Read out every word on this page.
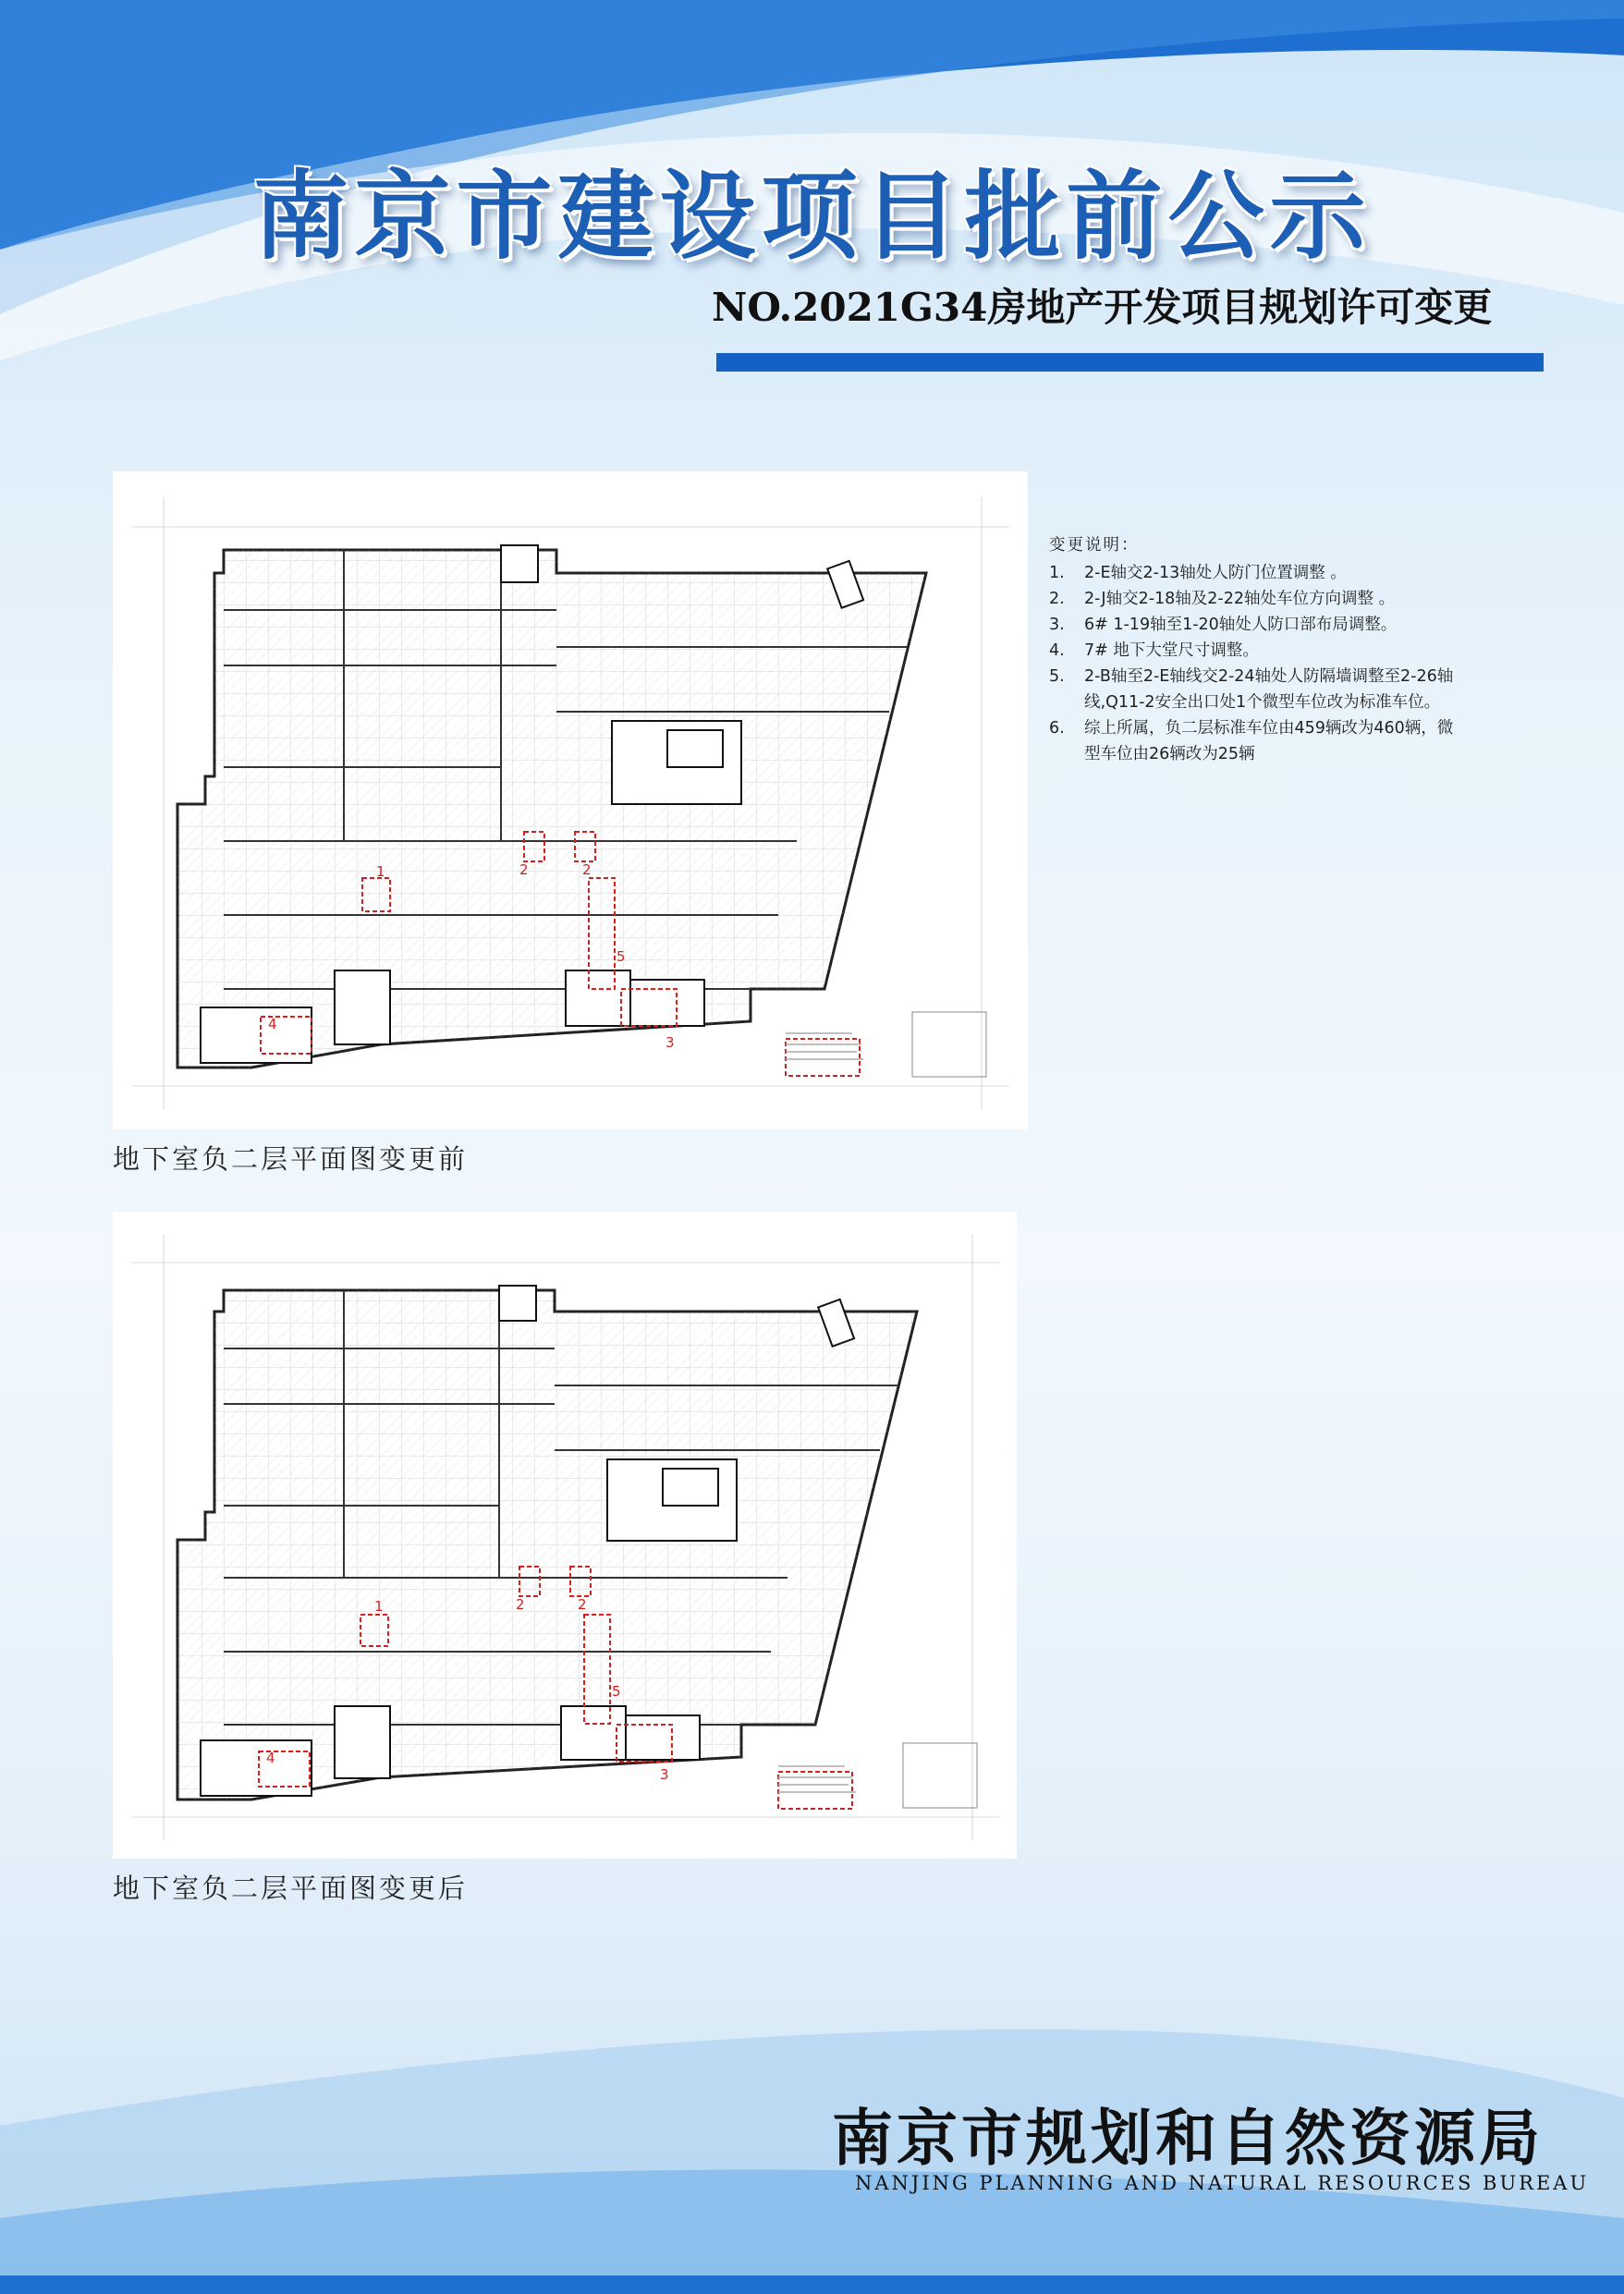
南京市建设项目批前公示
NO.2021G34房地产开发项目规划许可变更
1	2	2
3
4
5
地下室负二层平面图变更前
1	2	2
3
4
5
地下室负二层平面图变更后
变更说明：
1. 2-E轴交2-13轴处人防门位置调整 。
2. 2-J轴交2-18轴及2-22轴处车位方向调整 。
3. 6# 1-19轴至1-20轴处人防口部布局调整。
4. 7# 地下大堂尺寸调整。
5. 2-B轴至2-E轴线交2-24轴处人防隔墙调整至2-26轴线,Q11-2安全出口处1个微型车位改为标准车位。
6. 综上所属，负二层标准车位由459辆改为460辆，微型车位由26辆改为25辆
南京市规划和自然资源局
NANJING PLANNING AND NATURAL RESOURCES BUREAU
